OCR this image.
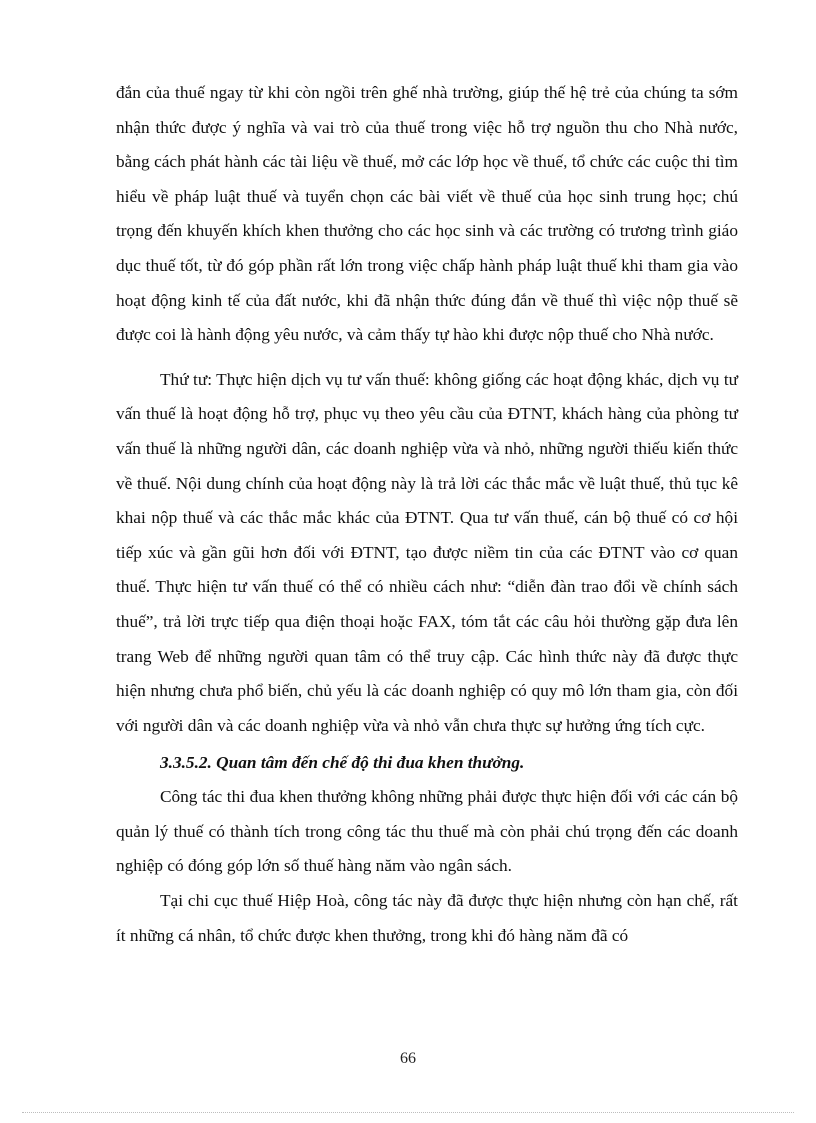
đắn của thuế ngay từ khi còn ngồi trên ghế nhà trường, giúp thế hệ trẻ của chúng ta sớm nhận thức được ý nghĩa và vai trò của thuế trong việc hỗ trợ nguồn thu cho Nhà nước, bằng cách phát hành các tài liệu về thuế, mở các lớp học về thuế, tổ chức các cuộc thi tìm hiểu về pháp luật thuế và tuyển chọn các bài viết về thuế của học sinh trung học; chú trọng đến khuyến khích khen thưởng cho các học sinh và các trường có trương trình giáo dục thuế tốt, từ đó góp phần rất lớn trong việc chấp hành pháp luật thuế khi tham gia vào hoạt động kinh tế của đất nước, khi đã nhận thức đúng đắn về thuế thì việc nộp thuế sẽ được coi là hành động yêu nước, và cảm thấy tự hào khi được nộp thuế cho Nhà nước.

Thứ tư: Thực hiện dịch vụ tư vấn thuế: không giống các hoạt động khác, dịch vụ tư vấn thuế là hoạt động hỗ trợ, phục vụ theo yêu cầu của ĐTNT, khách hàng của phòng tư vấn thuế là những người dân, các doanh nghiệp vừa và nhỏ, những người thiếu kiến thức về thuế. Nội dung chính của hoạt động này là trả lời các thắc mắc về luật thuế, thủ tục kê khai nộp thuế và các thắc mắc khác của ĐTNT. Qua tư vấn thuế, cán bộ thuế có cơ hội tiếp xúc và gần gũi hơn đối với ĐTNT, tạo được niềm tin của các ĐTNT vào cơ quan thuế. Thực hiện tư vấn thuế có thể có nhiều cách như: “diễn đàn trao đổi về chính sách thuế”, trả lời trực tiếp qua điện thoại hoặc FAX, tóm tắt các câu hỏi thường gặp đưa lên trang Web để những người quan tâm có thể truy cập. Các hình thức này đã được thực hiện nhưng chưa phổ biến, chủ yếu là các doanh nghiệp có quy mô lớn tham gia, còn đối với người dân và các doanh nghiệp vừa và nhỏ vẫn chưa thực sự hưởng ứng tích cực.

3.3.5.2. Quan tâm đến chế độ thi đua khen thưởng.

Công tác thi đua khen thưởng không những phải được thực hiện đối với các cán bộ quản lý thuế có thành tích trong công tác thu thuế mà còn phải chú trọng đến các doanh nghiệp có đóng góp lớn số thuế hàng năm vào ngân sách.

Tại chi cục thuế Hiệp Hoà, công tác này đã được thực hiện nhưng còn hạn chế, rất ít những cá nhân, tổ chức được khen thưởng, trong khi đó hàng năm đã có

66
